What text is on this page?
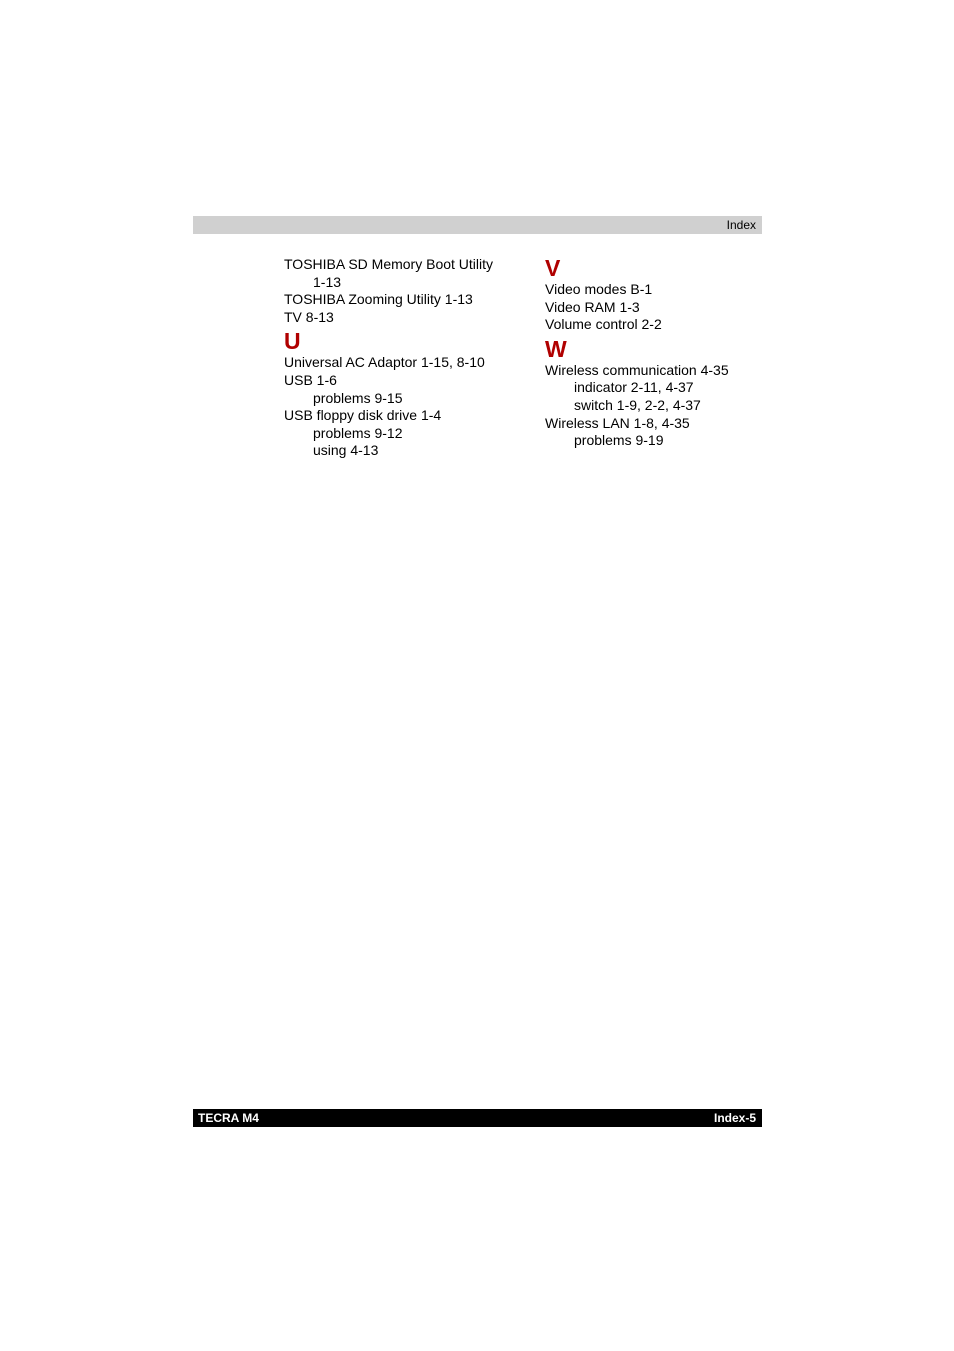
Index
TOSHIBA SD Memory Boot Utility
1-13
TOSHIBA Zooming Utility 1-13
TV 8-13
U
Universal AC Adaptor 1-15, 8-10
USB 1-6
problems 9-15
USB floppy disk drive 1-4
problems 9-12
using 4-13
V
Video modes B-1
Video RAM 1-3
Volume control 2-2
W
Wireless communication 4-35
indicator 2-11, 4-37
switch 1-9, 2-2, 4-37
Wireless LAN 1-8, 4-35
problems 9-19
TECRA M4	Index-5
